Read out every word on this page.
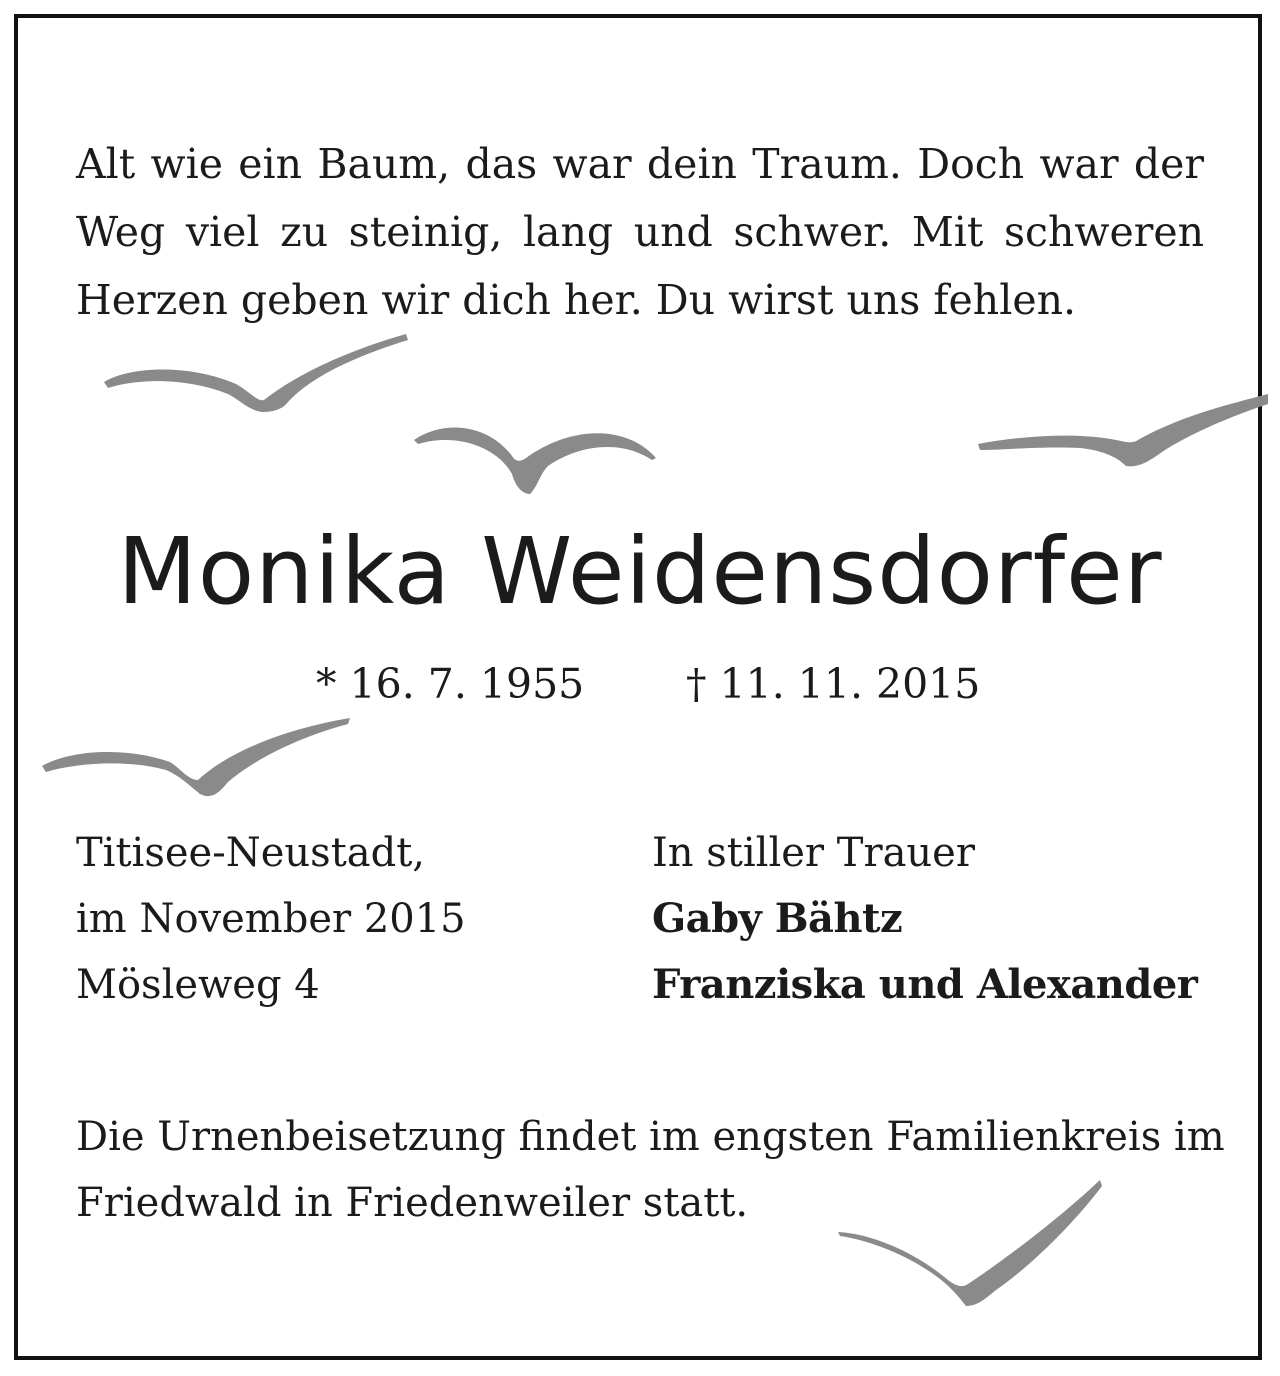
Alt wie ein Baum, das war dein Traum. Doch war der
Weg viel zu steinig, lang und schwer. Mit schweren
Herzen geben wir dich her. Du wirst uns fehlen.
Monika Weidensdorfer
* 16. 7. 1955 † 11. 11. 2015
Titisee-Neustadt,
im November 2015
Mösleweg 4
In stiller Trauer
Gaby Bähtz
Franziska und Alexander
Die Urnenbeisetzung findet im engsten Familienkreis im
Friedwald in Friedenweiler statt.
